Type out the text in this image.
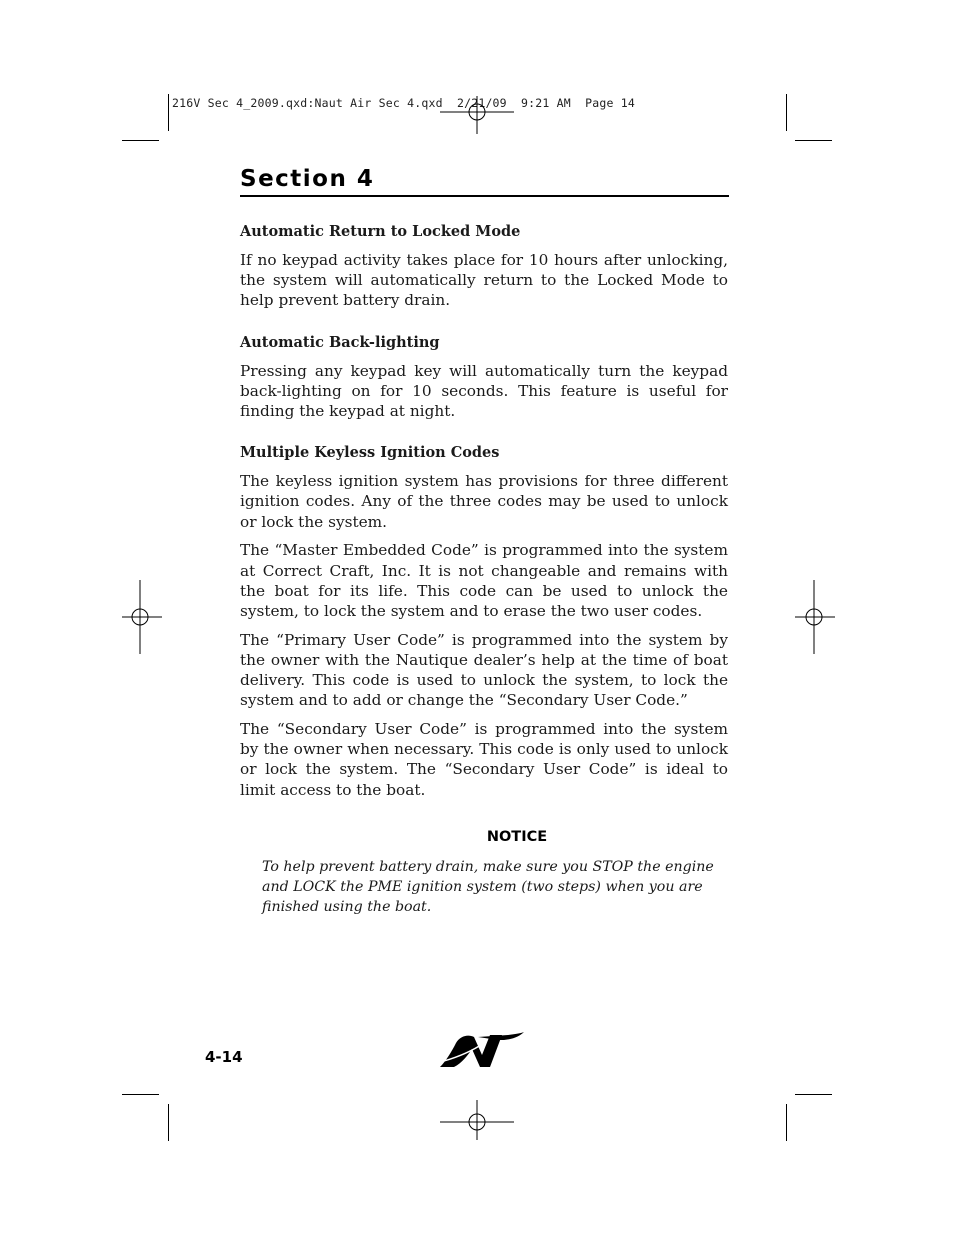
216V Sec 4_2009.qxd:Naut Air Sec 4.qxd  2/21/09  9:21 AM  Page 14
Section 4
Automatic Return to Locked Mode

If no keypad activity takes place for 10 hours after unlocking, the system will automatically return to the Locked Mode to help prevent battery drain.

Automatic Back-lighting

Pressing any keypad key will automatically turn the keypad back-lighting on for 10 seconds. This feature is useful for finding the keypad at night.

Multiple Keyless Ignition Codes

The keyless ignition system has provisions for three different ignition codes. Any of the three codes may be used to unlock or lock the system.

The “Master Embedded Code” is programmed into the system at Correct Craft, Inc. It is not changeable and remains with the boat for its life. This code can be used to unlock the system, to lock the system and to erase the two user codes.

The “Primary User Code” is programmed into the system by the owner with the Nautique dealer’s help at the time of boat delivery. This code is used to unlock the system, to lock the system and to add or change the “Secondary User Code.”

The “Secondary User Code” is programmed into the system by the owner when necessary. This code is only used to unlock or lock the system. The “Secondary User Code” is ideal to limit access to the boat.

NOTICE
To help prevent battery drain, make sure you STOP the engine
and LOCK the PME ignition system (two steps) when you are
finished using the boat.
4-14
